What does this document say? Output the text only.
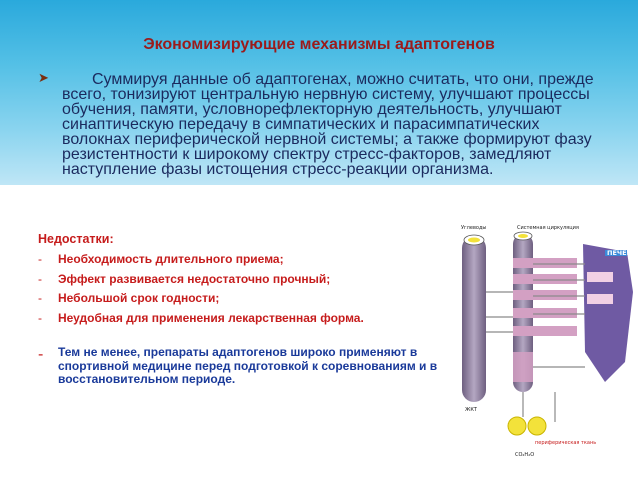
Экономизирующие механизмы адаптогенов
➤	Суммируя данные об адаптогенах, можно считать, что они, прежде всего, тонизируют центральную нервную систему, улучшают процессы обучения, памяти, условнорефлекторную деятельность, улучшают синаптическую передачу в симпатических и парасимпатических волокнах периферической нервной системы; а также формируют фазу резистентности к широкому спектру стресс-факторов, замедляют наступление фазы истощения стресс-реакции организма.
Недостатки:
- Необходимость длительного приема;
- Эффект развивается недостаточно прочный;
- Небольшой срок годности;
- Неудобная для применения лекарственная форма.
-	Тем не менее, препараты адаптогенов широко применяют в спортивной медицине перед подготовкой к соревнованиям и в восстановительном периоде.
Углеводы	Системная циркуляция
ЖКТ
CO₂H₂O
периферическая ткань
ПЕЧЕНЬ
